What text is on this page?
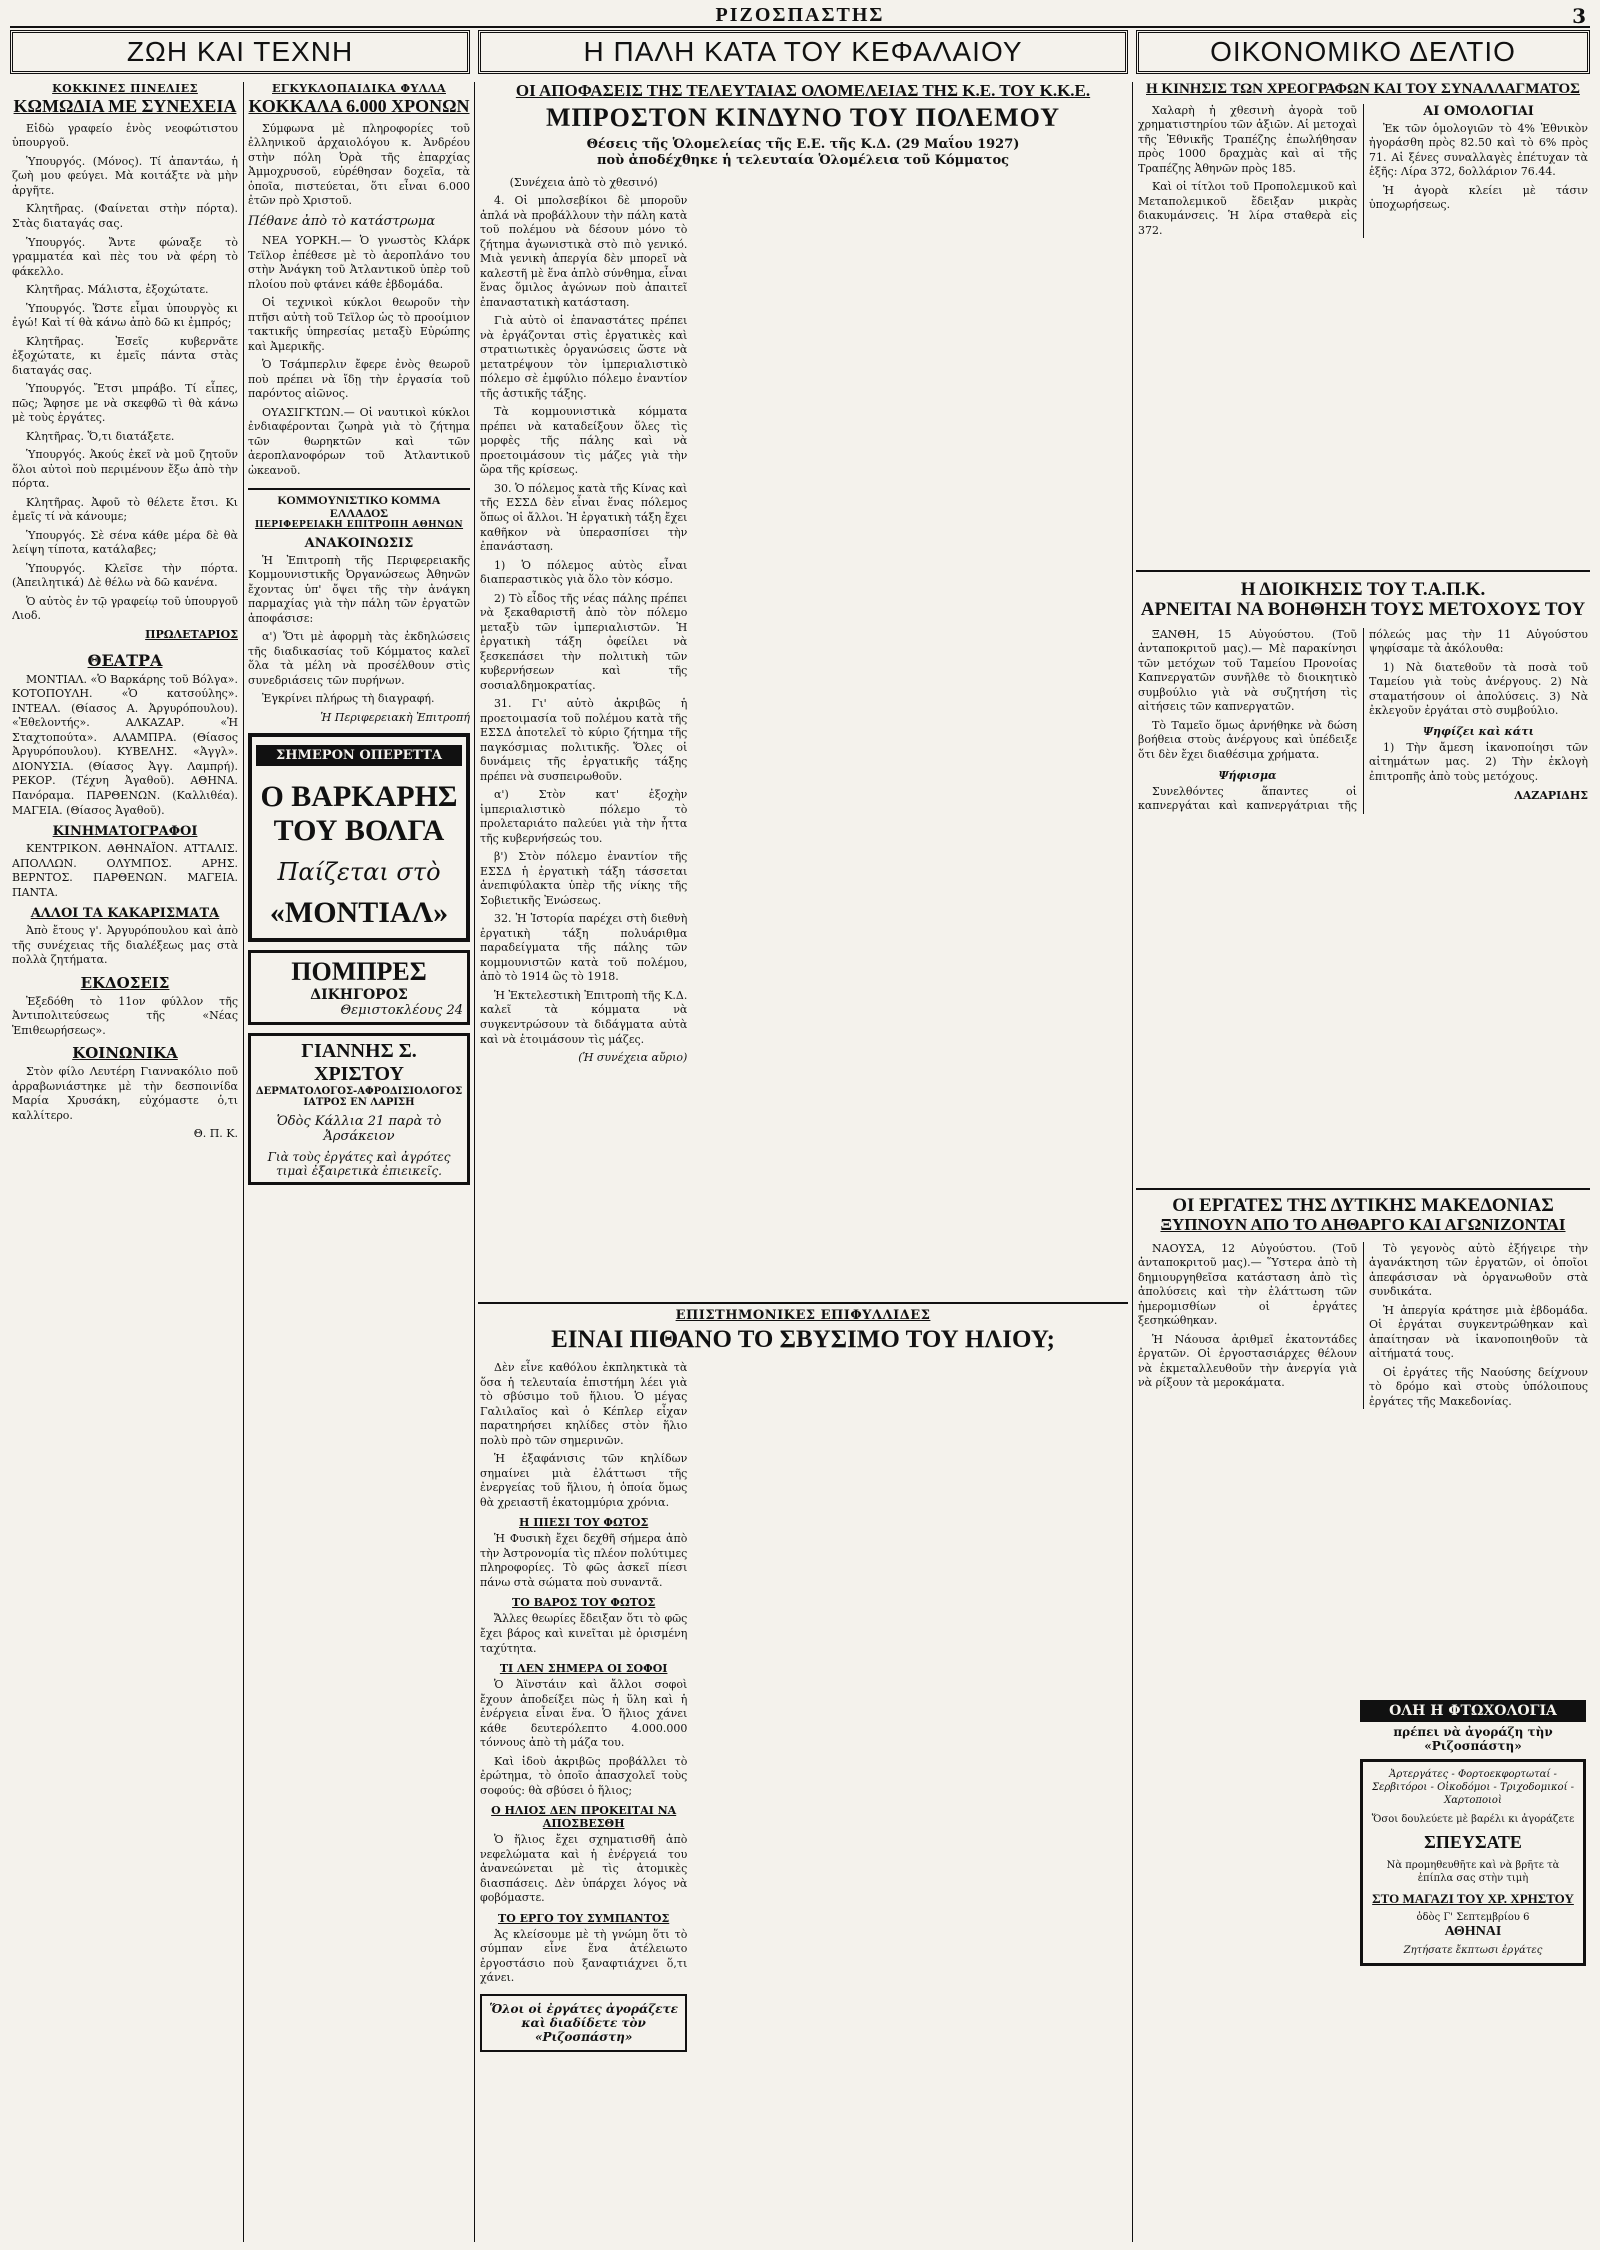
ΡΙΖΟΣΠΑΣΤΗΣ	3
ΖΩΗ ΚΑΙ ΤΕΧΝΗ	Η ΠΑΛΗ ΚΑΤΑ ΤΟΥ ΚΕΦΑΛΑΙΟΥ	ΟΙΚΟΝΟΜΙΚΟ ΔΕΛΤΙΟ
ΚΟΚΚΙΝΕΣ ΠΙΝΕΛΙΕΣ
ΚΩΜΩΔΙΑ ΜΕ ΣΥΝΕΧΕΙΑ

Εἰδὼ γραφείο ἑνὸς νεοφώτιστου ὑπουργοῦ.

Ὑπουργός. (Μόνος). Τί ἀπαντάω, ἡ ζωὴ μου φεύγει. Μὰ κοιτάξτε νὰ μὴν ἀργῆτε.

Κλητῆρας. (Φαίνεται στὴν πόρτα). Στὰς διαταγάς σας.

Ὑπουργός. Ἄντε φώναξε τὸ γραμματέα καὶ πὲς του νὰ φέρη τὸ φάκελλο.

Κλητῆρας. Μάλιστα, ἐξοχώτατε.

Ὑπουργός. Ὥστε εἶμαι ὑπουργὸς κι ἐγώ! Καὶ τί θὰ κάνω ἀπὸ δῶ κι ἐμπρός;

Κλητῆρας. Ἐσεῖς κυβερνᾶτε ἐξοχώτατε, κι ἐμεῖς πάντα στὰς διαταγάς σας.

Ὑπουργός. Ἔτσι μπράβο. Τί εἶπες, πῶς; Ἄφησε με νὰ σκεφθῶ τὶ θὰ κάνω μὲ τοὺς ἐργάτες.

Κλητῆρας. Ὅ,τι διατάξετε.

Ὑπουργός. Ἀκούς ἐκεῖ νὰ μοῦ ζητοῦν ὅλοι αὐτοὶ ποὺ περιμένουν ἔξω ἀπὸ τὴν πόρτα.

Κλητῆρας. Ἀφοῦ τὸ θέλετε ἔτσι. Κι ἐμεῖς τί νὰ κάνουμε;

Ὑπουργός. Σὲ σένα κάθε μέρα δὲ θὰ λείψη τίποτα, κατάλαβες;

Ὑπουργός. Κλεῖσε τὴν πόρτα. (Ἀπειλητικά) Δὲ θέλω νὰ δῶ κανένα.

Ὁ αὐτὸς ἐν τῷ γραφείῳ τοῦ ὑπουργοῦ Λιοδ.

ΠΡΩΛΕΤΑΡΙΟΣ
ΘΕΑΤΡΑ

ΜΟΝΤΙΑΛ. «Ὁ Βαρκάρης τοῦ Βόλγα». ΚΟΤΟΠΟΥΛΗ. «Ὁ κατσούλης». ΙΝΤΕΑΛ. (Θίασος Α. Ἀργυρόπουλου). «Ἐθελοντής». ΑΛΚΑΖΑΡ. «Ἡ Σταχτοπούτα». ΑΛΑΜΠΡΑ. (Θίασος Ἀργυρόπουλου). ΚΥΒΕΛΗΣ. «Ἀγγλ». ΔΙΟΝΥΣΙΑ. (Θίασος Ἀγγ. Λαμπρή). ΡΕΚΟΡ. (Τέχνη Ἀγαθοῦ). ΑΘΗΝΑ. Πανόραμα. ΠΑΡΘΕΝΩΝ. (Καλλιθέα). ΜΑΓΕΙΑ. (Θίασος Ἀγαθοῦ).

ΚΙΝΗΜΑΤΟΓΡΑΦΟΙ

ΚΕΝΤΡΙΚΟΝ. ΑΘΗΝΑΪΟΝ. ΑΤΤΑΛΙΣ. ΑΠΟΛΛΩΝ. ΟΛΥΜΠΟΣ. ΑΡΗΣ. ΒΕΡΝΤΟΣ. ΠΑΡΘΕΝΩΝ. ΜΑΓΕΙΑ. ΠΑΝΤΑ.

ΑΛΛΟΙ ΤΑ ΚΑΚΑΡΙΣΜΑΤΑ

Ἀπὸ ἔτους γ'. Ἀργυρόπουλου καὶ ἀπὸ τῆς συνέχειας τῆς διαλέξεως μας στὰ πολλὰ ζητήματα.

ΕΚΔΟΣΕΙΣ

Ἐξεδόθη τὸ 11ον φύλλον τῆς Ἀντιπολιτεύσεως τῆς «Νέας Ἑπιθεωρήσεως».

ΚΟΙΝΩΝΙΚΑ

Στὸν φίλο Λευτέρη Γιαννακόλιο ποῦ ἀρραβωνιάστηκε μὲ τὴν δεσποινίδα Μαρία Χρυσάκη, εὐχόμαστε ὁ,τι καλλίτερο.

Θ. Π. Κ.
ΕΓΚΥΚΛΟΠΑΙΔΙΚΑ ΦΥΛΛΑ
ΚΟΚΚΑΛΑ 6.000 ΧΡΟΝΩΝ

Σύμφωνα μὲ πληροφορίες τοῦ ἐλληνικοῦ ἀρχαιολόγου κ. Ἀνδρέου στὴν πόλη Ὀρὰ τῆς ἐπαρχίας Ἀμμοχρυσοῦ, εὑρέθησαν δοχεῖα, τὰ ὁποῖα, πιστεύεται, ὅτι εἶναι 6.000 ἐτῶν πρὸ Χριστοῦ.

Πέθανε ἀπὸ τὸ κατάστρωμα

ΝΕΑ ΥΟΡΚΗ.— Ὁ γνωστὸς Κλάρκ Τεϊλορ ἐπέθεσε μὲ τὸ ἀεροπλάνο του στὴν Ἀνάγκη τοῦ Ἀτλαντικοῦ ὑπὲρ τοῦ πλοίου ποὺ φτάνει κάθε ἑβδομάδα.

Οἱ τεχνικοὶ κύκλοι θεωροῦν τὴν πτῆσι αὐτὴ τοῦ Τεϊλορ ὡς τὸ προοίμιον τακτικῆς ὑπηρεσίας μεταξὺ Εὐρώπης καὶ Ἀμερικῆς.

Ὁ Τσάμπερλιν ἔφερε ἐνὸς θεωροῦ ποὺ πρέπει νὰ ἴδῃ τὴν ἐργασία τοῦ παρόντος αἰῶνος.

ΟΥΑΣΙΓΚΤΩΝ.— Οἱ ναυτικοὶ κύκλοι ἐνδιαφέρονται ζωηρὰ γιὰ τὸ ζήτημα τῶν θωρηκτῶν καὶ τῶν ἀεροπλανοφόρων τοῦ Ἀτλαντικοῦ ὠκεανοῦ.

ΚΟΜΜΟΥΝΙΣΤΙΚΟ ΚΟΜΜΑ ΕΛΛΑΔΟΣ
ΠΕΡΙΦΕΡΕΙΑΚΗ ΕΠΙΤΡΟΠΗ ΑΘΗΝΩΝ
ΑΝΑΚΟΙΝΩΣΙΣ

Ἡ Ἐπιτροπὴ τῆς Περιφερειακῆς Κομμουνιστικῆς Ὀργανώσεως Ἀθηνῶν ἔχοντας ὑπ' ὄψει τῆς τὴν ἀνάγκη παρμαχίας γιὰ τὴν πάλη τῶν ἐργατῶν ἀποφάσισε:

α') Ὅτι μὲ ἀφορμὴ τὰς ἐκδηλώσεις τῆς διαδικασίας τοῦ Κόμματος καλεῖ ὅλα τὰ μέλη νὰ προσέλθουν στὶς συνεδριάσεις τῶν πυρήνων.

Ἐγκρίνει πλήρως τὴ διαγραφή.

Ἡ Περιφερειακὴ Ἐπιτροπή

ΣΗΜΕΡΟΝ ΟΠΕΡΕΤΤΑ
Ο ΒΑΡΚΑΡΗΣ
ΤΟΥ ΒΟΛΓΑ
Παίζεται στὸ
«ΜΟΝΤΙΑΛ»
ΠΟΜΠΡΕΣ
ΔΙΚΗΓΟΡΟΣ
Θεμιστοκλέους 24
ΓΙΑΝΝΗΣ Σ. ΧΡΙΣΤΟΥ
ΔΕΡΜΑΤΟΛΟΓΟΣ-ΑΦΡΟΔΙΣΙΟΛΟΓΟΣ ΙΑΤΡΟΣ ΕΝ ΛΑΡΙΣΗ
Ὁδὸς Κάλλια 21 παρὰ τὸ Ἀρσάκειον
Γιὰ τοὺς ἐργάτες καὶ ἀγρότες τιμαὶ ἐξαιρετικὰ ἐπιεικεῖς.
ΟΙ ΑΠΟΦΑΣΕΙΣ ΤΗΣ ΤΕΛΕΥΤΑΙΑΣ ΟΛΟΜΕΛΕΙΑΣ ΤΗΣ Κ.Ε. ΤΟΥ Κ.Κ.Ε.
ΜΠΡΟΣΤΟΝ ΚΙΝΔΥΝΟ ΤΟΥ ΠΟΛΕΜΟΥ
Θέσεις τῆς Ὁλομελείας τῆς Ε.Ε. τῆς Κ.Δ. (29 Μαΐου 1927)
ποὺ ἀποδέχθηκε ἡ τελευταία Ὁλομέλεια τοῦ Κόμματος

(Συνέχεια ἀπὸ τὸ χθεσινό)

4. Οἱ μπολσεβίκοι δὲ μποροῦν ἀπλά νὰ προβάλλουν τὴν πάλη κατὰ τοῦ πολέμου νὰ δέσουν μόνο τὸ ζήτημα ἀγωνιστικὰ στὸ πιὸ γενικό. Μιὰ γενικὴ ἀπεργία δὲν μπορεῖ νὰ καλεστῆ μὲ ἕνα ἁπλὸ σύνθημα, εἶναι ἕνας ὅμιλος ἀγώνων ποὺ ἀπαιτεῖ ἐπαναστατικὴ κατάσταση.

Γιὰ αὐτὸ οἱ ἐπαναστάτες πρέπει νὰ ἐργάζονται στὶς ἐργατικὲς καὶ στρατιωτικὲς ὀργανώσεις ὥστε νὰ μετατρέψουν τὸν ἰμπεριαλιστικὸ πόλεμο σὲ ἐμφύλιο πόλεμο ἐναντίον τῆς ἀστικῆς τάξης.

Τὰ κομμουνιστικὰ κόμματα πρέπει νὰ καταδείξουν ὅλες τὶς μορφὲς τῆς πάλης καὶ νὰ προετοιμάσουν τὶς μάζες γιὰ τὴν ὥρα τῆς κρίσεως.

30. Ὁ πόλεμος κατὰ τῆς Κίνας καὶ τῆς ΕΣΣΔ δὲν εἶναι ἕνας πόλεμος ὅπως οἱ ἄλλοι. Ἡ ἐργατικὴ τάξη ἔχει καθῆκον νὰ ὑπερασπίσει τὴν ἐπανάσταση.

1) Ὁ πόλεμος αὐτὸς εἶναι διαπεραστικὸς γιὰ ὅλο τὸν κόσμο.

2) Τὸ εἶδος τῆς νέας πάλης πρέπει νὰ ξεκαθαριστῆ ἀπὸ τὸν πόλεμο μεταξὺ τῶν ἰμπεριαλιστῶν. Ἡ ἐργατικὴ τάξη ὀφείλει νὰ ξεσκεπάσει τὴν πολιτικὴ τῶν κυβερνήσεων καὶ τῆς σοσιαλδημοκρατίας.

31. Γι' αὐτὸ ἀκριβῶς ἡ προετοιμασία τοῦ πολέμου κατὰ τῆς ΕΣΣΔ ἀποτελεῖ τὸ κύριο ζήτημα τῆς παγκόσμιας πολιτικῆς. Ὅλες οἱ δυνάμεις τῆς ἐργατικῆς τάξης πρέπει νὰ συσπειρωθοῦν.

α') Στὸν κατ' ἐξοχὴν ἰμπεριαλιστικὸ πόλεμο τὸ προλεταριάτο παλεύει γιὰ τὴν ἧττα τῆς κυβερνήσεώς του.

β') Στὸν πόλεμο ἐναντίον τῆς ΕΣΣΔ ἡ ἐργατικὴ τάξη τάσσεται ἀνεπιφύλακτα ὑπὲρ τῆς νίκης τῆς Σοβιετικῆς Ἐνώσεως.

32. Ἡ Ἱστορία παρέχει στὴ διεθνὴ ἐργατικὴ τάξη πολυάριθμα παραδείγματα τῆς πάλης τῶν κομμουνιστῶν κατὰ τοῦ πολέμου, ἀπὸ τὸ 1914 ὣς τὸ 1918.

Ἡ Ἐκτελεστικὴ Ἐπιτροπὴ τῆς Κ.Δ. καλεῖ τὰ κόμματα νὰ συγκεντρώσουν τὰ διδάγματα αὐτὰ καὶ νὰ ἑτοιμάσουν τὶς μάζες.

(Ἡ συνέχεια αὔριο)

ΕΠΙΣΤΗΜΟΝΙΚΕΣ ΕΠΙΦΥΛΛΙΔΕΣ
ΕΙΝΑΙ ΠΙΘΑΝΟ ΤΟ ΣΒΥΣΙΜΟ ΤΟΥ ΗΛΙΟΥ;

Δὲν εἶνε καθόλου ἐκπληκτικὰ τὰ ὅσα ἡ τελευταία ἐπιστήμη λέει γιὰ τὸ σβύσιμο τοῦ ἥλιου. Ὁ μέγας Γαλιλαῖος καὶ ὁ Κέπλερ εἶχαν παρατηρήσει κηλίδες στὸν ἥλιο πολὺ πρὸ τῶν σημερινῶν.

Ἡ ἐξαφάνισις τῶν κηλίδων σημαίνει μιὰ ἐλάττωσι τῆς ἐνεργείας τοῦ ἥλιου, ἡ ὁποία ὅμως θὰ χρειαστῆ ἑκατομμύρια χρόνια.

Η ΠΙΕΣΙ ΤΟΥ ΦΩΤΟΣ

Ἡ Φυσικὴ ἔχει δεχθῆ σήμερα ἀπὸ τὴν Ἀστρονομία τὶς πλέον πολύτιμες πληροφορίες. Τὸ φῶς ἀσκεῖ πίεσι πάνω στὰ σώματα ποὺ συναντᾶ.

ΤΟ ΒΑΡΟΣ ΤΟΥ ΦΩΤΟΣ

Ἄλλες θεωρίες ἔδειξαν ὅτι τὸ φῶς ἔχει βάρος καὶ κινεῖται μὲ ὁρισμένη ταχύτητα.

ΤΙ ΛΕΝ ΣΗΜΕΡΑ ΟΙ ΣΟΦΟΙ

Ὁ Ἀϊνστάιν καὶ ἄλλοι σοφοὶ ἔχουν ἀποδείξει πὼς ἡ ὕλη καὶ ἡ ἐνέργεια εἶναι ἕνα. Ὁ ἥλιος χάνει κάθε δευτερόλεπτο 4.000.000 τόννους ἀπὸ τὴ μάζα του.

Καὶ ἰδοὺ ἀκριβῶς προβάλλει τὸ ἐρώτημα, τὸ ὁποῖο ἀπασχολεῖ τοὺς σοφούς: θὰ σβύσει ὁ ἥλιος;

Ο ΗΛΙΟΣ ΔΕΝ ΠΡΟΚΕΙΤΑΙ ΝΑ ΑΠΟΣΒΕΣΘΗ

Ὁ ἥλιος ἔχει σχηματισθῆ ἀπὸ νεφελώματα καὶ ἡ ἐνέργειά του ἀνανεώνεται μὲ τὶς ἀτομικὲς διασπάσεις. Δὲν ὑπάρχει λόγος νὰ φοβόμαστε.

ΤΟ ΕΡΓΟ ΤΟΥ ΣΥΜΠΑΝΤΟΣ

Ἀς κλείσουμε μὲ τὴ γνώμη ὅτι τὸ σύμπαν εἶνε ἕνα ἀτέλειωτο ἐργοστάσιο ποὺ ξαναφτιάχνει ὅ,τι χάνει.

Ὅλοι οἱ ἐργάτες ἀγοράζετε καὶ διαδίδετε τὸν «Ριζοσπάστη»
Η ΚΙΝΗΣΙΣ ΤΩΝ ΧΡΕΟΓΡΑΦΩΝ ΚΑΙ ΤΟΥ ΣΥΝΑΛΛΑΓΜΑΤΟΣ

Χαλαρὴ ἡ χθεσινὴ ἀγορὰ τοῦ χρηματιστηρίου τῶν ἀξιῶν. Αἱ μετοχαὶ τῆς Ἐθνικῆς Τραπέζης ἐπωλήθησαν πρὸς 1000 δραχμὰς καὶ αἱ τῆς Τραπέζης Ἀθηνῶν πρὸς 185.

Καὶ οἱ τίτλοι τοῦ Προπολεμικοῦ καὶ Μεταπολεμικοῦ ἔδειξαν μικρὰς διακυμάνσεις. Ἡ λίρα σταθερὰ εἰς 372.

ΑΙ ΟΜΟΛΟΓΙΑΙ

Ἐκ τῶν ὁμολογιῶν τὸ 4% Ἐθνικὸν ἠγοράσθη πρὸς 82.50 καὶ τὸ 6% πρὸς 71. Αἱ ξένες συναλλαγὲς ἐπέτυχαν τὰ ἑξῆς: Λίρα 372, δολλάριον 76.44.

Ἡ ἀγορὰ κλείει μὲ τάσιν ὑποχωρήσεως.

Η ΔΙΟΙΚΗΣΙΣ ΤΟΥ Τ.Α.Π.Κ.
ΑΡΝΕΙΤΑΙ ΝΑ ΒΟΗΘΗΣΗ ΤΟΥΣ ΜΕΤΟΧΟΥΣ ΤΟΥ

ΞΑΝΘΗ, 15 Αὐγούστου. (Τοῦ ἀνταποκριτοῦ μας).— Μὲ παρακίνησι τῶν μετόχων τοῦ Ταμείου Προνοίας Καπνεργατῶν συνῆλθε τὸ διοικητικὸ συμβούλιο γιὰ νὰ συζητήση τὶς αἰτήσεις τῶν καπνεργατῶν.

Τὸ Ταμεῖο ὅμως ἀρνήθηκε νὰ δώση βοήθεια στοὺς ἀνέργους καὶ ὑπέδειξε ὅτι δὲν ἔχει διαθέσιμα χρήματα.

Ψήφισμα

Συνελθόντες ἅπαντες οἱ καπνεργάται καὶ καπνεργάτριαι τῆς πόλεώς μας τὴν 11 Αὐγούστου ψηφίσαμε τὰ ἀκόλουθα:

1) Νὰ διατεθοῦν τὰ ποσὰ τοῦ Ταμείου γιὰ τοὺς ἀνέργους. 2) Νὰ σταματήσουν οἱ ἀπολύσεις. 3) Νὰ ἐκλεγοῦν ἐργάται στὸ συμβούλιο.

Ψηφίζει καὶ κάτι

1) Τὴν ἄμεση ἱκανοποίησι τῶν αἰτημάτων μας. 2) Τὴν ἐκλογὴ ἐπιτροπῆς ἀπὸ τοὺς μετόχους.

ΛΑΖΑΡΙΔΗΣ
ΟΙ ΕΡΓΑΤΕΣ ΤΗΣ ΔΥΤΙΚΗΣ ΜΑΚΕΔΟΝΙΑΣ
ΞΥΠΝΟΥΝ ΑΠΟ ΤΟ ΑΗΘΑΡΓΟ ΚΑΙ ΑΓΩΝΙΖΟΝΤΑΙ

ΝΑΟΥΣΑ, 12 Αὐγούστου. (Τοῦ ἀνταποκριτοῦ μας).— Ὕστερα ἀπὸ τὴ δημιουργηθεῖσα κατάσταση ἀπὸ τὶς ἀπολύσεις καὶ τὴν ἐλάττωση τῶν ἡμερομισθίων οἱ ἐργάτες ξεσηκώθηκαν.

Ἡ Νάουσα ἀριθμεῖ ἑκατοντάδες ἐργατῶν. Οἱ ἐργοστασιάρχες θέλουν νὰ ἐκμεταλλευθοῦν τὴν ἀνεργία γιὰ νὰ ρίξουν τὰ μεροκάματα.

Τὸ γεγονὸς αὐτὸ ἐξήγειρε τὴν ἀγανάκτηση τῶν ἐργατῶν, οἱ ὁποῖοι ἀπεφάσισαν νὰ ὀργανωθοῦν στὰ συνδικάτα.

Ἡ ἀπεργία κράτησε μιὰ ἑβδομάδα. Οἱ ἐργάται συγκεντρώθηκαν καὶ ἀπαίτησαν νὰ ἱκανοποιηθοῦν τὰ αἰτήματά τους.

Οἱ ἐργάτες τῆς Ναούσης δείχνουν τὸ δρόμο καὶ στοὺς ὑπόλοιπους ἐργάτες τῆς Μακεδονίας.

ΟΛΗ Η ΦΤΩΧΟΛΟΓΙΑ
πρέπει νὰ ἀγοράζη τὴν «Ριζοσπάστη»
Ἀρτεργάτες - Φορτοεκφορτωταί - Σερβιτόροι - Οἰκοδόμοι - Τριχοδομικοί - Χαρτοποιοὶ
Ὅσοι δουλεύετε μὲ βαρέλι κι ἀγοράζετε
ΣΠΕΥΣΑΤΕ
Νὰ προμηθευθῆτε καὶ νὰ βρῆτε τὰ ἐπίπλα σας στὴν τιμὴ
ΣΤΟ ΜΑΓΑΖΙ ΤΟΥ ΧΡ. ΧΡΗΣΤΟΥ
ὁδὸς Γ' Σεπτεμβρίου 6
ΑΘΗΝΑΙ
Ζητήσατε ἔκπτωσι ἐργάτες
